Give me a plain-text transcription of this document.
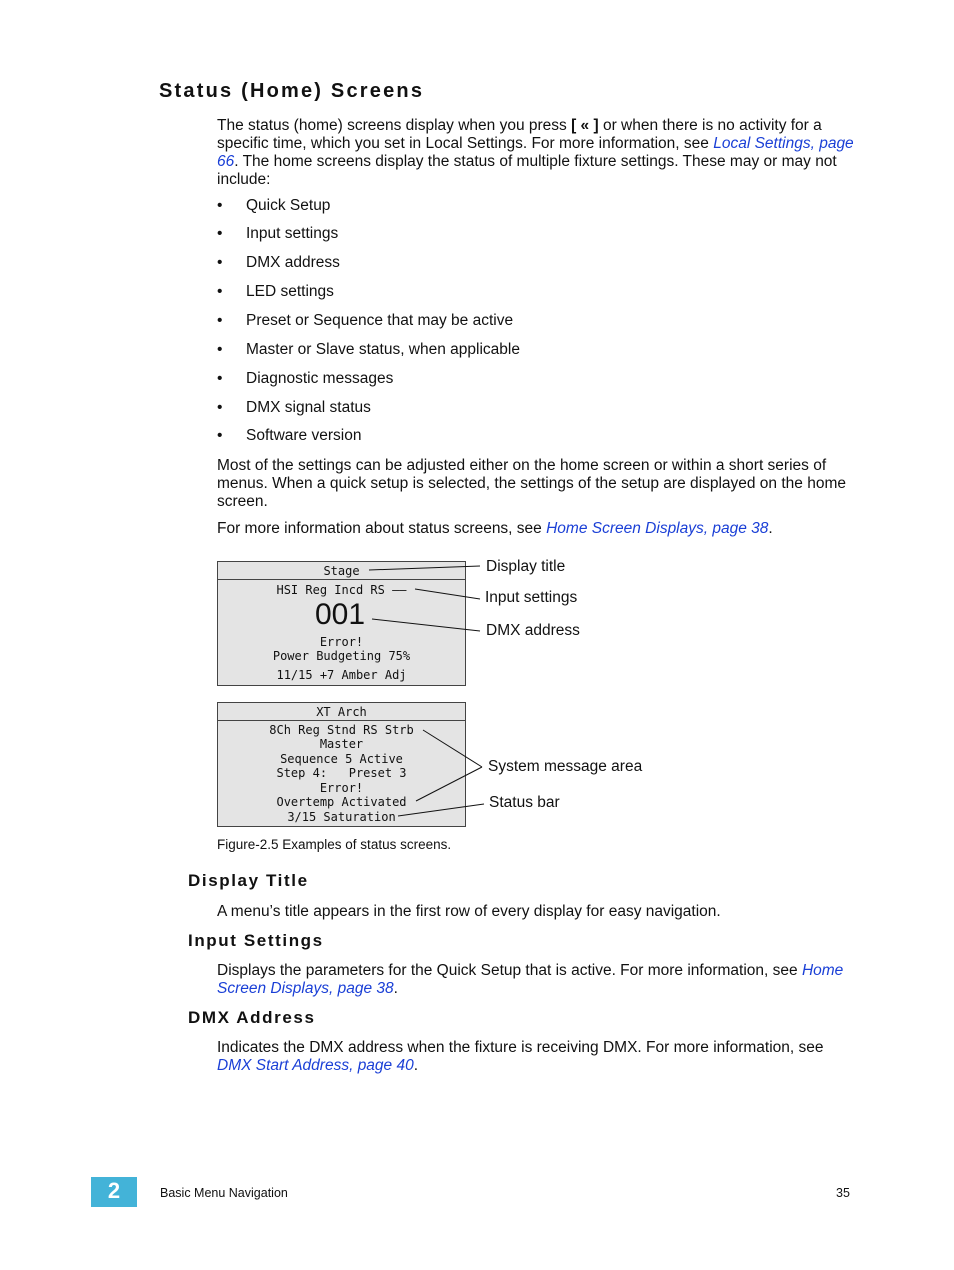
Status (Home) Screens

The status (home) screens display when you press [ « ] or when there is no activity for a specific time, which you set in Local Settings. For more information, see Local Settings, page 66. The home screens display the status of multiple fixture settings. These may or may not include:

• Quick Setup

• Input settings

• DMX address

• LED settings

• Preset or Sequence that may be active

• Master or Slave status, when applicable

• Diagnostic messages

• DMX signal status

• Software version

Most of the settings can be adjusted either on the home screen or within a short series of menus. When a quick setup is selected, the settings of the setup are displayed on the home screen.

For more information about status screens, see Home Screen Displays, page 38.

Stage
HSI Reg Incd RS ––
001
Error!
Power Budgeting 75%
11/15 +7 Amber Adj
XT Arch
8Ch Reg Stnd RS Strb
Master
Sequence 5 Active
Step 4:   Preset 3
Error!
Overtemp Activated
3/15 Saturation
Display title
Input settings
DMX address
System message area
Status bar
Figure-2.5 Examples of status screens.
Display Title

A menu’s title appears in the first row of every display for easy navigation.

Input Settings

Displays the parameters for the Quick Setup that is active. For more information, see Home Screen Displays, page 38.

DMX Address

Indicates the DMX address when the fixture is receiving DMX. For more information, see DMX Start Address, page 40.

2	Basic Menu Navigation	35
